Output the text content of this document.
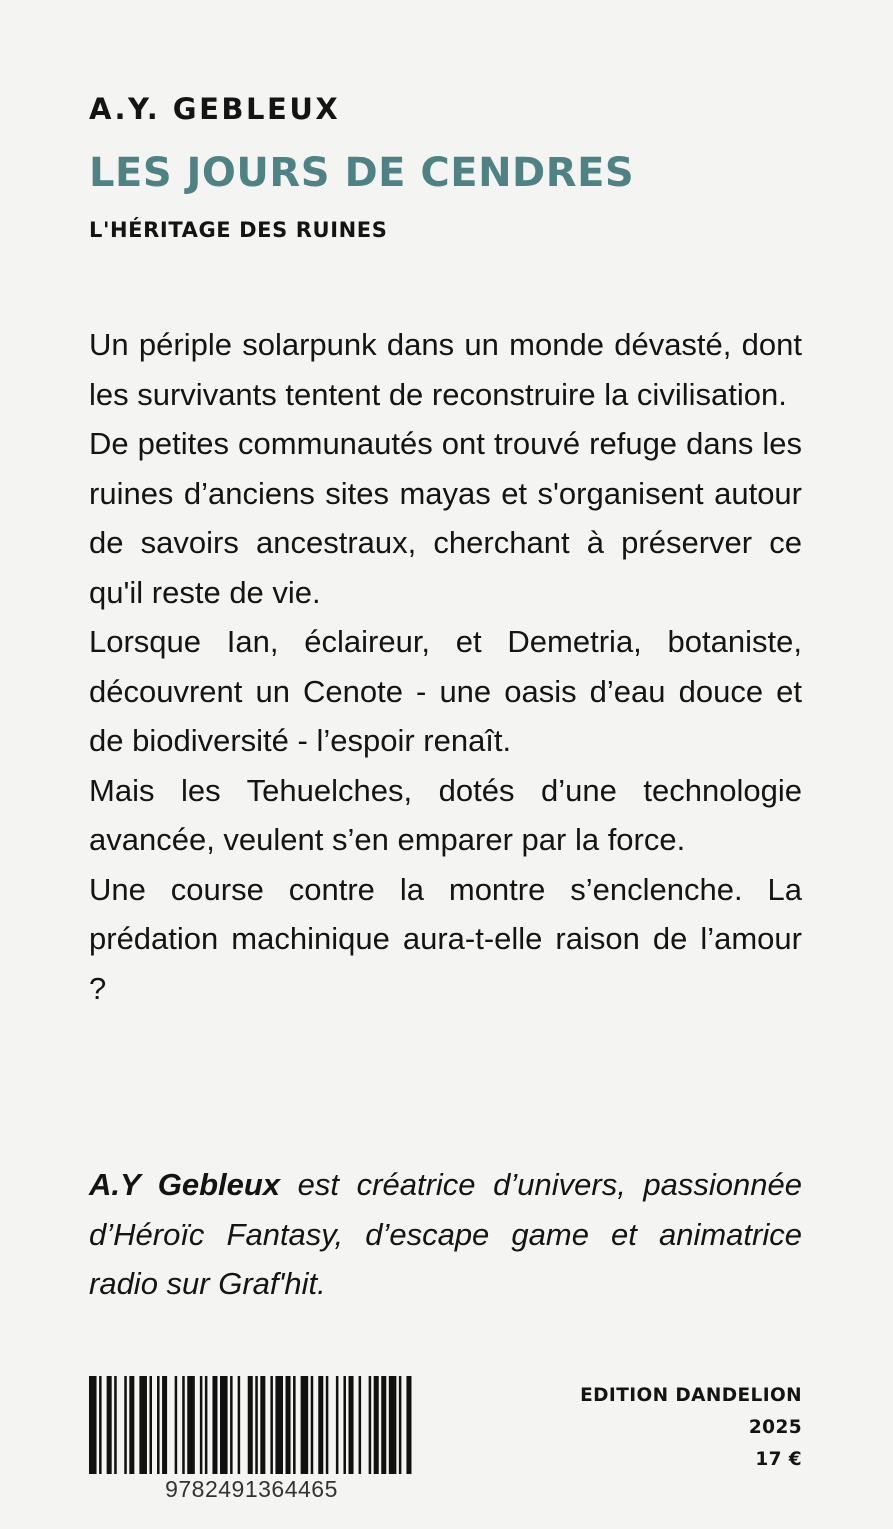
A.Y. GEBLEUX
LES JOURS DE CENDRES
L'HÉRITAGE DES RUINES

Un périple solarpunk dans un monde dévasté, dont les survivants tentent de reconstruire la civilisation.

De petites communautés ont trouvé refuge dans les ruines d’anciens sites mayas et s'organisent autour de savoirs ancestraux, cherchant à préserver ce qu'il reste de vie.

Lorsque Ian, éclaireur, et Demetria, botaniste, découvrent un Cenote - une oasis d’eau douce et de biodiversité - l’espoir renaît.

Mais les Tehuelches, dotés d’une technologie avancée, veulent s’en emparer par la force.

Une course contre la montre s’enclenche. La prédation machinique aura-t-elle raison de l’amour ?

A.Y Gebleux est créatrice d’univers, passionnée d’Héroïc Fantasy, d’escape game et animatrice radio sur Graf'hit.
9782491364465
EDITION DANDELION
2025
17 €
